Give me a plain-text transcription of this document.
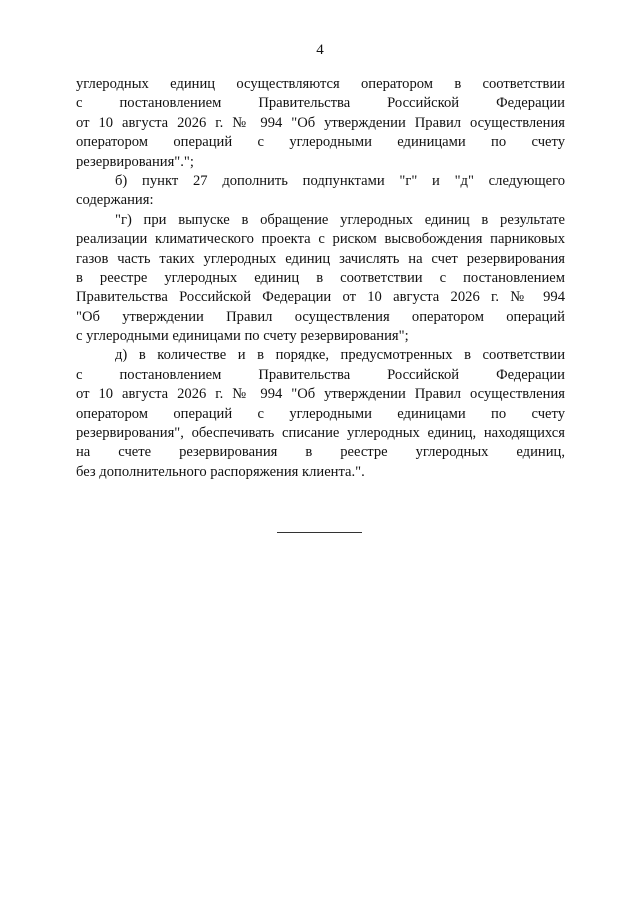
4
углеродных единиц осуществляются оператором в соответствии
с постановлением Правительства Российской Федерации
от 10 августа 2026 г. № 994 "Об утверждении Правил осуществления
оператором операций с углеродными единицами по счету
резервирования".";
б) пункт 27 дополнить подпунктами "г" и "д" следующего
содержания:
"г) при выпуске в обращение углеродных единиц в результате
реализации климатического проекта с риском высвобождения парниковых
газов часть таких углеродных единиц зачислять на счет резервирования
в реестре углеродных единиц в соответствии с постановлением
Правительства Российской Федерации от 10 августа 2026 г. № 994
"Об утверждении Правил осуществления оператором операций
с углеродными единицами по счету резервирования";
д) в количестве и в порядке, предусмотренных в соответствии
с постановлением Правительства Российской Федерации
от 10 августа 2026 г. № 994 "Об утверждении Правил осуществления
оператором операций с углеродными единицами по счету
резервирования", обеспечивать списание углеродных единиц, находящихся
на счете резервирования в реестре углеродных единиц,
без дополнительного распоряжения клиента.".
